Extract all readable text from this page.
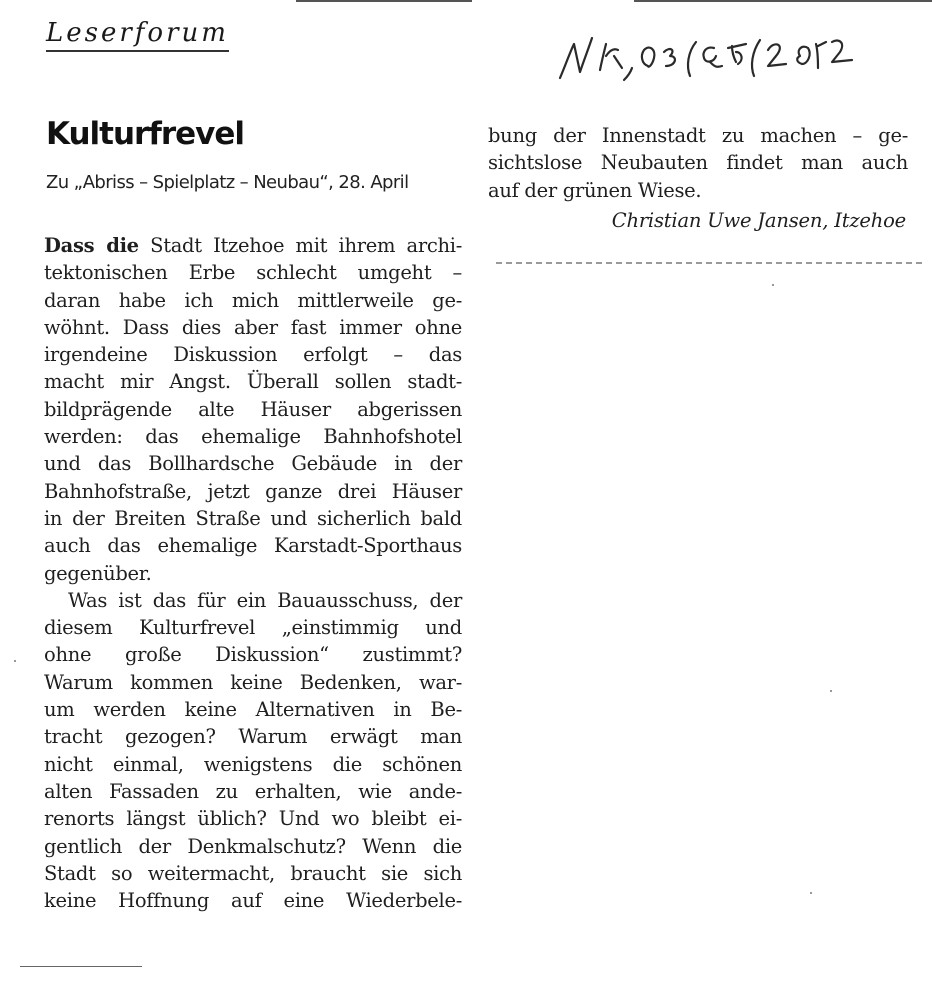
Leserforum
Kulturfrevel
Zu „Abriss – Spielplatz – Neubau“, 28. April
Dass die Stadt Itzehoe mit ihrem archi-
tektonischen Erbe schlecht umgeht –
daran habe ich mich mittlerweile ge-
wöhnt. Dass dies aber fast immer ohne
irgendeine Diskussion erfolgt – das
macht mir Angst. Überall sollen stadt-
bildprägende alte Häuser abgerissen
werden: das ehemalige Bahnhofshotel
und das Bollhardsche Gebäude in der
Bahnhofstraße, jetzt ganze drei Häuser
in der Breiten Straße und sicherlich bald
auch das ehemalige Karstadt-Sporthaus
gegenüber.
Was ist das für ein Bauausschuss, der
diesem Kulturfrevel „einstimmig und
ohne große Diskussion“ zustimmt?
Warum kommen keine Bedenken, war-
um werden keine Alternativen in Be-
tracht gezogen? Warum erwägt man
nicht einmal, wenigstens die schönen
alten Fassaden zu erhalten, wie ande-
renorts längst üblich? Und wo bleibt ei-
gentlich der Denkmalschutz? Wenn die
Stadt so weitermacht, braucht sie sich
keine Hoffnung auf eine Wiederbele-
bung der Innenstadt zu machen – ge-
sichtslose Neubauten findet man auch
auf der grünen Wiese.
Christian Uwe Jansen, Itzehoe
